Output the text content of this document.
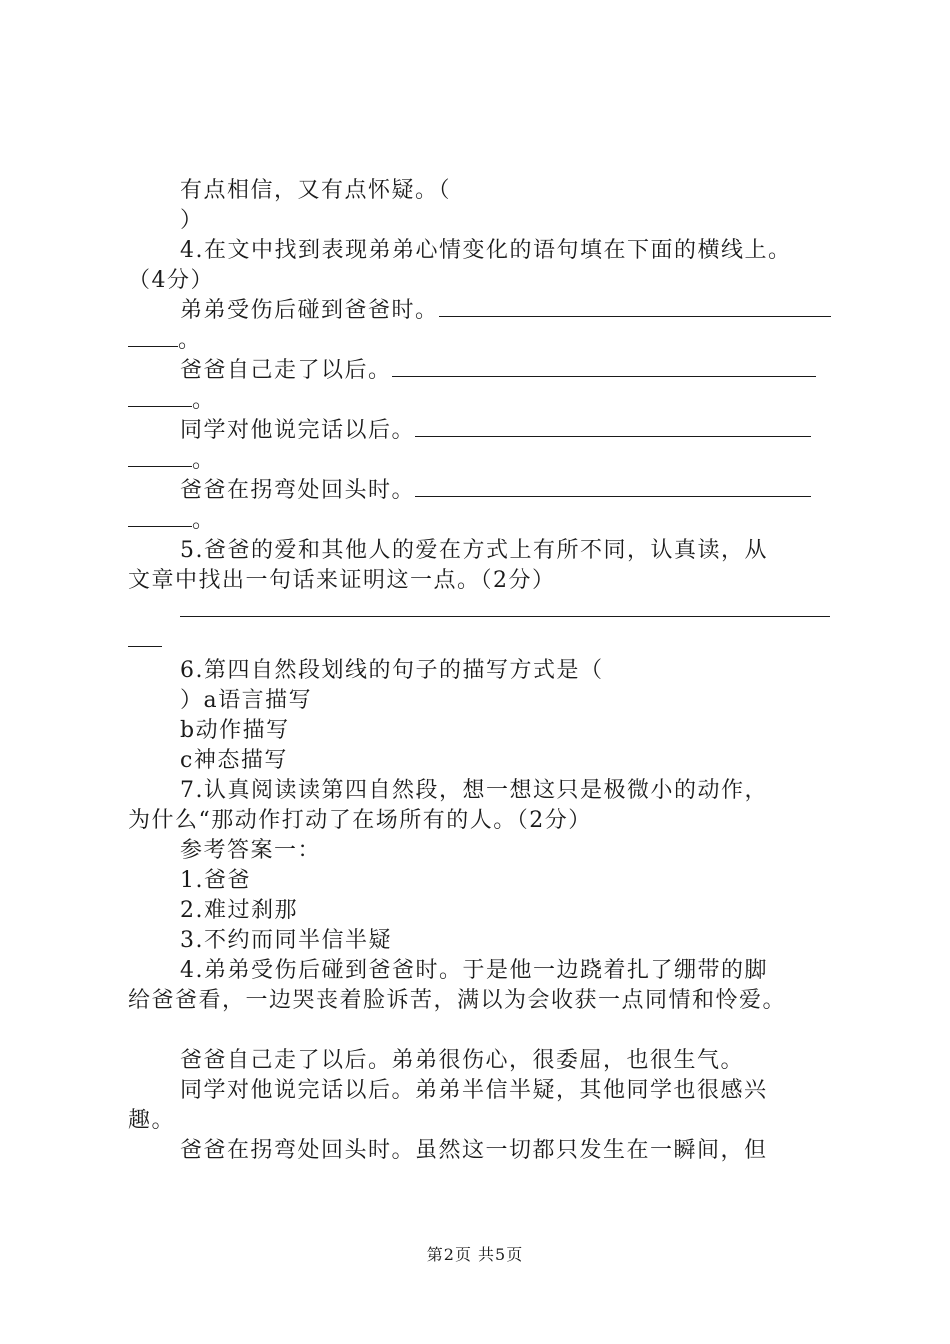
有点相信，又有点怀疑。（
）
4.在文中找到表现弟弟心情变化的语句填在下面的横线上。
（4分）
弟弟受伤后碰到爸爸时。
。
爸爸自己走了以后。
。
同学对他说完话以后。
。
爸爸在拐弯处回头时。
。
5.爸爸的爱和其他人的爱在方式上有所不同，认真读，从
文章中找出一句话来证明这一点。（2分）
6.第四自然段划线的句子的描写方式是（
）a语言描写
b动作描写
c神态描写
7.认真阅读读第四自然段，想一想这只是极微小的动作，
为什么“那动作打动了在场所有的人。（2分）
参考答案一：
1.爸爸
2.难过刹那
3.不约而同半信半疑
4.弟弟受伤后碰到爸爸时。于是他一边跷着扎了绷带的脚
给爸爸看，一边哭丧着脸诉苦，满以为会收获一点同情和怜爱。
爸爸自己走了以后。弟弟很伤心，很委屈，也很生气。
同学对他说完话以后。弟弟半信半疑，其他同学也很感兴
趣。
爸爸在拐弯处回头时。虽然这一切都只发生在一瞬间，但
第2页 共5页
